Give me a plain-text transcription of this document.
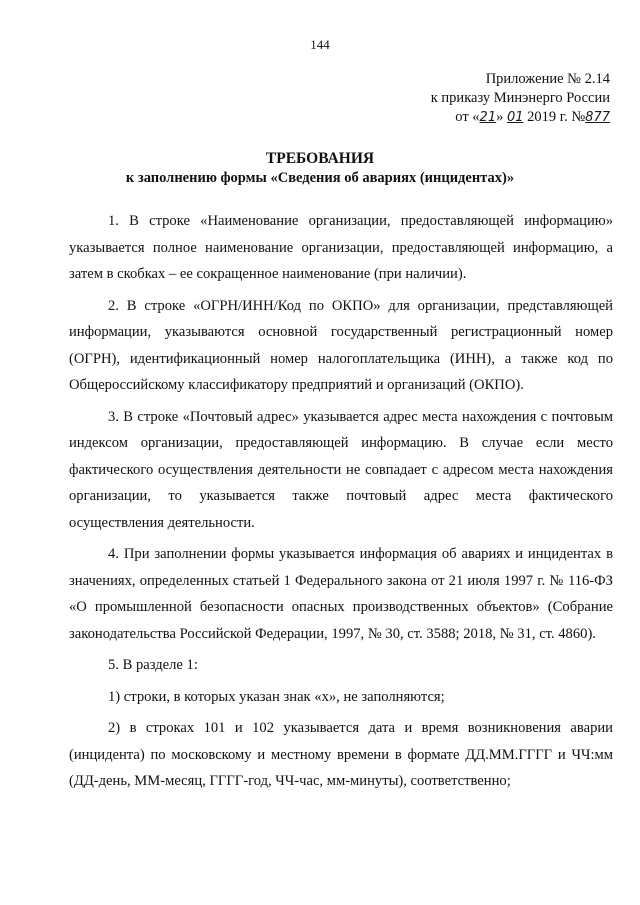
144
Приложение № 2.14
к приказу Минэнерго России
от «21» 01 2019 г. №877
ТРЕБОВАНИЯ
к заполнению формы «Сведения об авариях (инцидентах)»

1. В строке «Наименование организации, предоставляющей информацию» указывается полное наименование организации, предоставляющей информацию, а затем в скобках – ее сокращенное наименование (при наличии).

2. В строке «ОГРН/ИНН/Код по ОКПО» для организации, представляющей информации, указываются основной государственный регистрационный номер (ОГРН), идентификационный номер налогоплательщика (ИНН), а также код по Общероссийскому классификатору предприятий и организаций (ОКПО).

3. В строке «Почтовый адрес» указывается адрес места нахождения с почтовым индексом организации, предоставляющей информацию. В случае если место фактического осуществления деятельности не совпадает с адресом места нахождения организации, то указывается также почтовый адрес места фактического осуществления деятельности.

4. При заполнении формы указывается информация об авариях и инцидентах в значениях, определенных статьей 1 Федерального закона от 21 июля 1997 г. № 116-ФЗ «О промышленной безопасности опасных производственных объектов» (Собрание законодательства Российской Федерации, 1997, № 30, ст. 3588; 2018, № 31, ст. 4860).

5. В разделе 1:

1) строки, в которых указан знак «х», не заполняются;

2) в строках 101 и 102 указывается дата и время возникновения аварии (инцидента) по московскому и местному времени в формате ДД.ММ.ГГГГ и ЧЧ:мм (ДД-день, ММ-месяц, ГГГГ-год, ЧЧ-час, мм-минуты), соответственно;
